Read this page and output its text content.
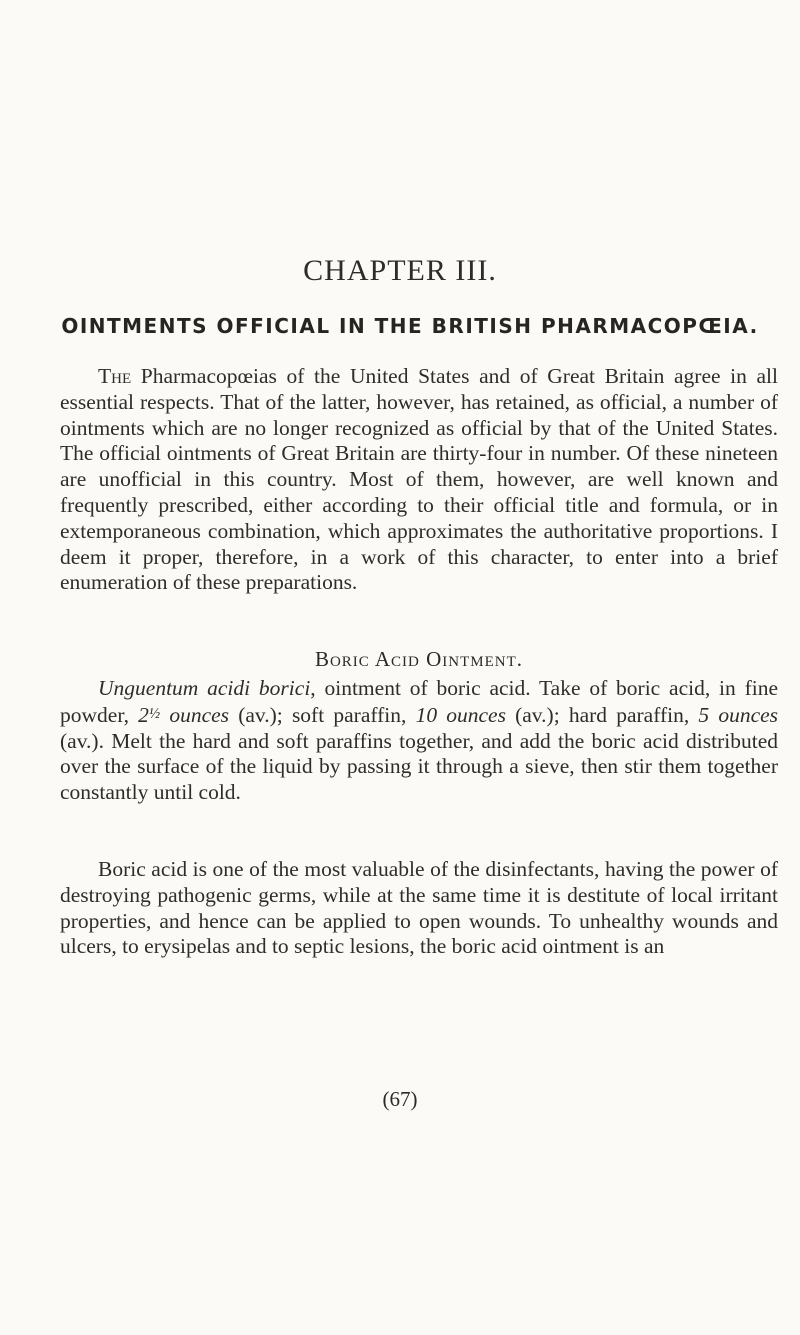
CHAPTER III.
OINTMENTS OFFICIAL IN THE BRITISH PHARMACOPŒIA.

The Pharmacopœias of the United States and of Great Britain agree in all essential respects. That of the latter, however, has retained, as official, a number of ointments which are no longer recognized as official by that of the United States. The official ointments of Great Britain are thirty-four in number. Of these nineteen are unofficial in this country. Most of them, however, are well known and frequently prescribed, either according to their official title and formula, or in extemporaneous combination, which approximates the authoritative proportions. I deem it proper, therefore, in a work of this character, to enter into a brief enumeration of these preparations.

Boric Acid Ointment.

Unguentum acidi borici, ointment of boric acid. Take of boric acid, in fine powder, 2½ ounces (av.); soft paraffin, 10 ounces (av.); hard paraffin, 5 ounces (av.). Melt the hard and soft paraffins together, and add the boric acid distributed over the surface of the liquid by passing it through a sieve, then stir them together constantly until cold.

Boric acid is one of the most valuable of the disinfectants, having the power of destroying pathogenic germs, while at the same time it is destitute of local irritant properties, and hence can be applied to open wounds. To unhealthy wounds and ulcers, to erysipelas and to septic lesions, the boric acid ointment is an

(67)
